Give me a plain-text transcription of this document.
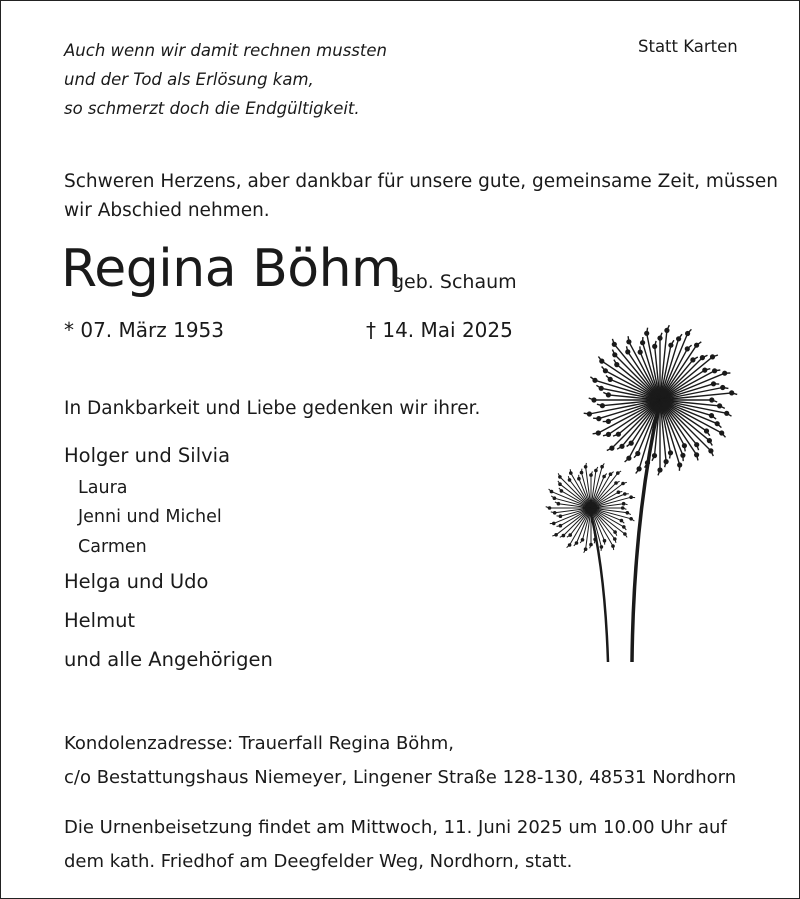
Auch wenn wir damit rechnen mussten
und der Tod als Erlösung kam,
so schmerzt doch die Endgültigkeit.
Statt Karten
Schweren Herzens, aber dankbar für unsere gute, gemeinsame Zeit, müssen
wir Abschied nehmen.
Regina Böhm
geb. Schaum
* 07. März 1953	† 14. Mai 2025
In Dankbarkeit und Liebe gedenken wir ihrer.
Holger und Silvia
Laura
Jenni und Michel
Carmen
Helga und Udo
Helmut
und alle Angehörigen
Kondolenzadresse: Trauerfall Regina Böhm,
c/o Bestattungshaus Niemeyer, Lingener Straße 128-130, 48531 Nordhorn
Die Urnenbeisetzung findet am Mittwoch, 11. Juni 2025 um 10.00 Uhr auf
dem kath. Friedhof am Deegfelder Weg, Nordhorn, statt.
